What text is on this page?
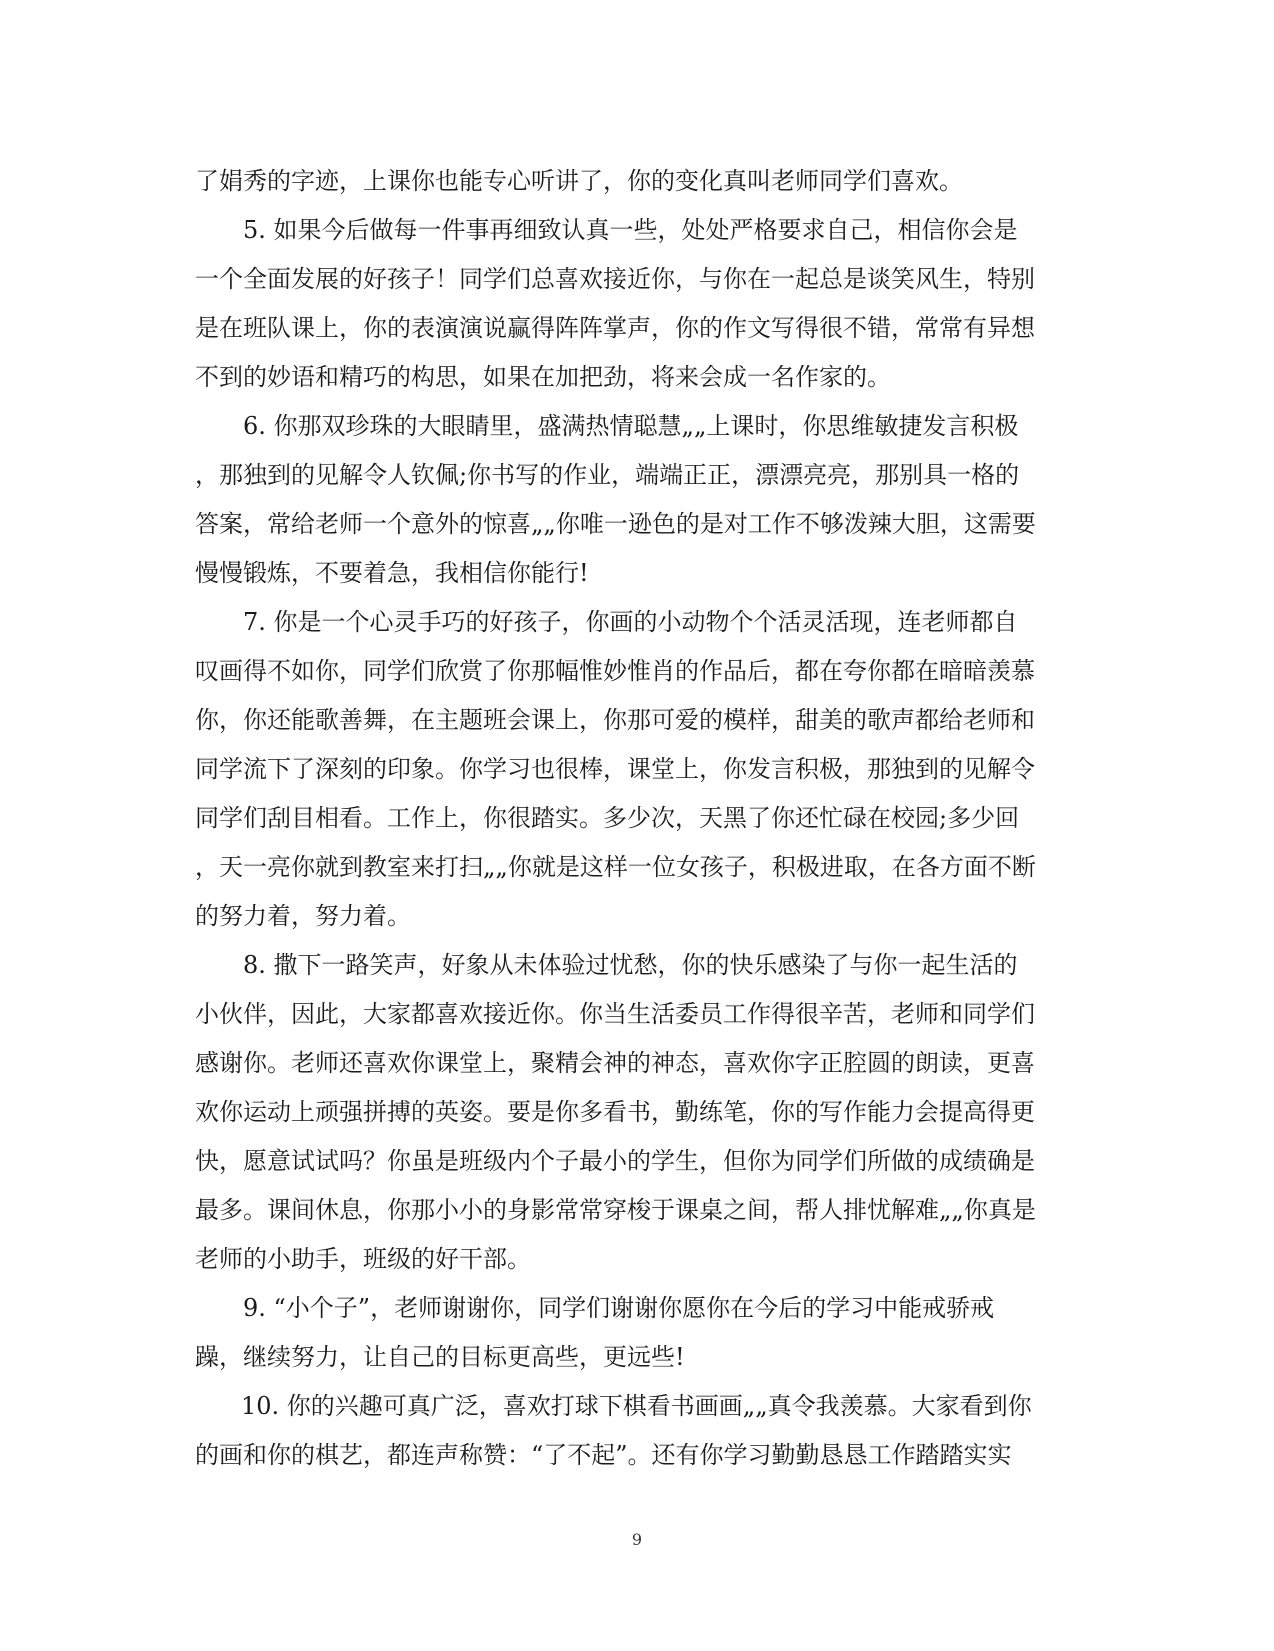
了娟秀的字迹，上课你也能专心听讲了，你的变化真叫老师同学们喜欢。
5. 如果今后做每一件事再细致认真一些，处处严格要求自己，相信你会是
一个全面发展的好孩子！同学们总喜欢接近你，与你在一起总是谈笑风生，特别
是在班队课上，你的表演演说赢得阵阵掌声，你的作文写得很不错，常常有异想
不到的妙语和精巧的构思，如果在加把劲，将来会成一名作家的。
6. 你那双珍珠的大眼睛里，盛满热情聪慧„„上课时，你思维敏捷发言积极
，那独到的见解令人钦佩;你书写的作业，端端正正，漂漂亮亮，那别具一格的
答案，常给老师一个意外的惊喜„„你唯一逊色的是对工作不够泼辣大胆，这需要
慢慢锻炼，不要着急，我相信你能行!
7. 你是一个心灵手巧的好孩子，你画的小动物个个活灵活现，连老师都自
叹画得不如你，同学们欣赏了你那幅惟妙惟肖的作品后，都在夸你都在暗暗羡慕
你，你还能歌善舞，在主题班会课上，你那可爱的模样，甜美的歌声都给老师和
同学流下了深刻的印象。你学习也很棒，课堂上，你发言积极，那独到的见解令
同学们刮目相看。工作上，你很踏实。多少次，天黑了你还忙碌在校园;多少回
，天一亮你就到教室来打扫„„你就是这样一位女孩子，积极进取，在各方面不断
的努力着，努力着。
8. 撒下一路笑声，好象从未体验过忧愁，你的快乐感染了与你一起生活的
小伙伴，因此，大家都喜欢接近你。你当生活委员工作得很辛苦，老师和同学们
感谢你。老师还喜欢你课堂上，聚精会神的神态，喜欢你字正腔圆的朗读，更喜
欢你运动上顽强拼搏的英姿。要是你多看书，勤练笔，你的写作能力会提高得更
快，愿意试试吗？你虽是班级内个子最小的学生，但你为同学们所做的成绩确是
最多。课间休息，你那小小的身影常常穿梭于课桌之间，帮人排忧解难„„你真是
老师的小助手，班级的好干部。
9. “小个子”，老师谢谢你，同学们谢谢你愿你在今后的学习中能戒骄戒
躁，继续努力，让自己的目标更高些，更远些!
10. 你的兴趣可真广泛，喜欢打球下棋看书画画„„真令我羡慕。大家看到你
的画和你的棋艺，都连声称赞：“了不起”。还有你学习勤勤恳恳工作踏踏实实
9
